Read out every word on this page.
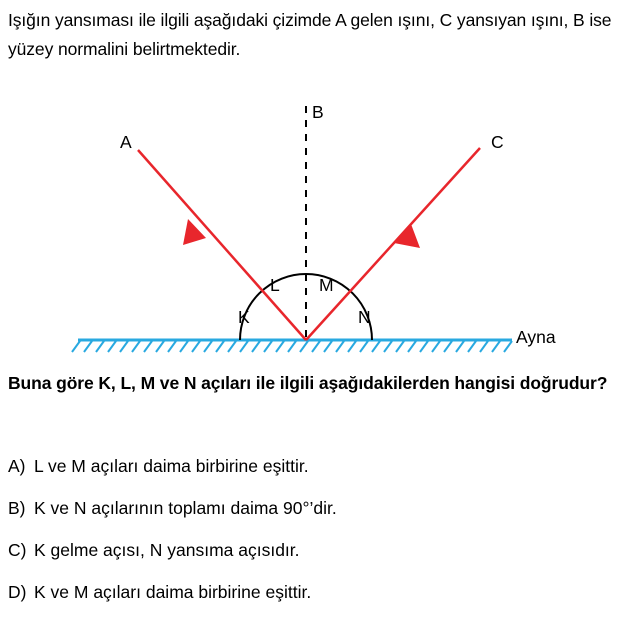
Işığın yansıması ile ilgili aşağıdaki çizimde A gelen ışını, C yansıyan ışını, B ise yüzey normalini belirtmektedir.
A
B
C
K
L M
N
Ayna
Buna göre K, L, M ve N açıları ile ilgili aşağıdakilerden hangisi doğrudur?
A) L ve M açıları daima birbirine eşittir.
B) K ve N açılarının toplamı daima 90°’dir.
C) K gelme açısı, N yansıma açısıdır.
D) K ve M açıları daima birbirine eşittir.
